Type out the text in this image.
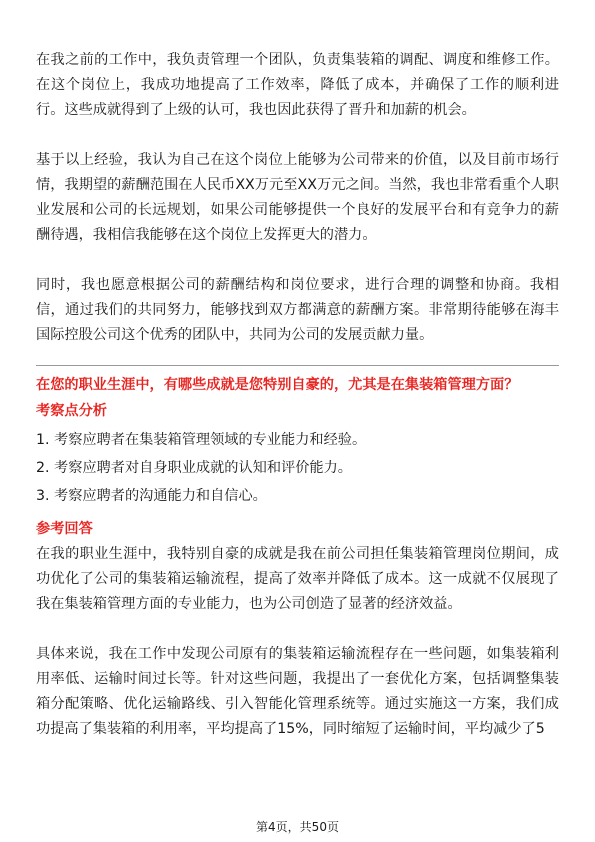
在我之前的工作中，我负责管理一个团队，负责集装箱的调配、调度和维修工作。在这个岗位上，我成功地提高了工作效率，降低了成本，并确保了工作的顺利进行。这些成就得到了上级的认可，我也因此获得了晋升和加薪的机会。

基于以上经验，我认为自己在这个岗位上能够为公司带来的价值，以及目前市场行情，我期望的薪酬范围在人民币XX万元至XX万元之间。当然，我也非常看重个人职业发展和公司的长远规划，如果公司能够提供一个良好的发展平台和有竞争力的薪酬待遇，我相信我能够在这个岗位上发挥更大的潜力。

同时，我也愿意根据公司的薪酬结构和岗位要求，进行合理的调整和协商。我相信，通过我们的共同努力，能够找到双方都满意的薪酬方案。非常期待能够在海丰国际控股公司这个优秀的团队中，共同为公司的发展贡献力量。

在您的职业生涯中，有哪些成就是您特别自豪的，尤其是在集装箱管理方面？

考察点分析

1. 考察应聘者在集装箱管理领域的专业能力和经验。
2. 考察应聘者对自身职业成就的认知和评价能力。
3. 考察应聘者的沟通能力和自信心。

参考回答

在我的职业生涯中，我特别自豪的成就是我在前公司担任集装箱管理岗位期间，成功优化了公司的集装箱运输流程，提高了效率并降低了成本。这一成就不仅展现了我在集装箱管理方面的专业能力，也为公司创造了显著的经济效益。

具体来说，我在工作中发现公司原有的集装箱运输流程存在一些问题，如集装箱利用率低、运输时间过长等。针对这些问题，我提出了一套优化方案，包括调整集装箱分配策略、优化运输路线、引入智能化管理系统等。通过实施这一方案，我们成功提高了集装箱的利用率，平均提高了15%，同时缩短了运输时间，平均减少了5

第4页，共50页
